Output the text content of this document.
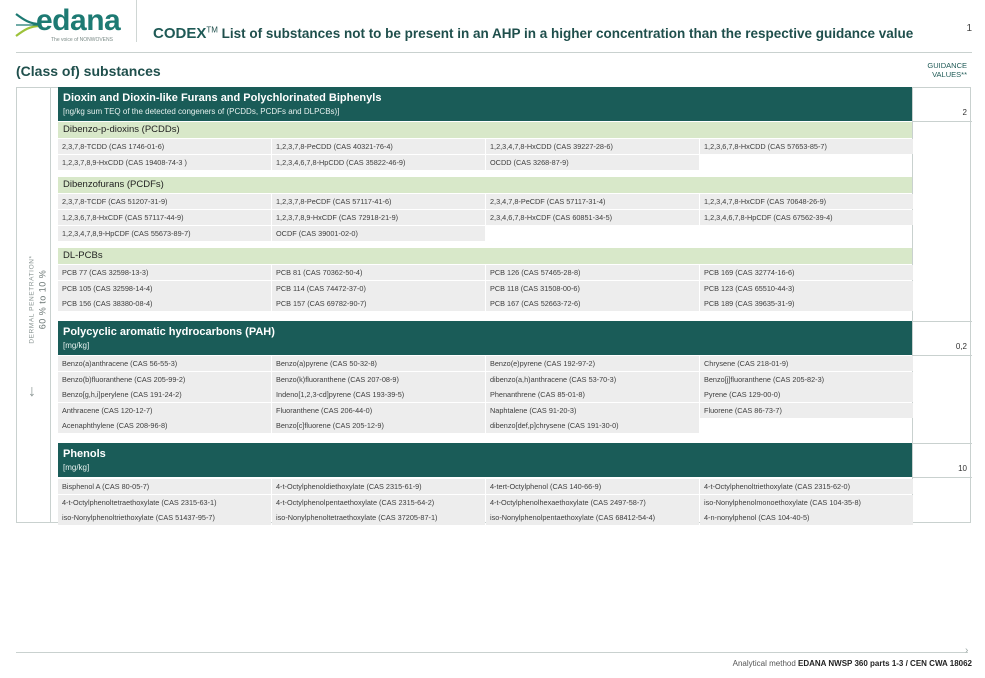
edana
The voice of NONWOVENS	CODEX™ List of substances not to be present in an AHP in a higher concentration than the respective guidance value	1
(Class of) substances	GUIDANCE
VALUES**
DERMAL PENETRATION* 60 % to 10 %
↓
Dioxin and Dioxin-like Furans and Polychlorinated Biphenyls
[ng/kg sum TEQ of the detected congeners of (PCDDs, PCDFs and DLPCBs)]	2
Dibenzo-p-dioxins (PCDDs)
2,3,7,8-TCDD (CAS 1746-01-6)	1,2,3,7,8-PeCDD (CAS 40321-76-4)	1,2,3,4,7,8-HxCDD (CAS 39227-28-6)	1,2,3,6,7,8-HxCDD (CAS 57653-85-7)
1,2,3,7,8,9-HxCDD (CAS 19408-74-3 )	1,2,3,4,6,7,8-HpCDD (CAS 35822-46-9)	OCDD (CAS 3268-87-9)
Dibenzofurans (PCDFs)
2,3,7,8-TCDF (CAS 51207-31-9)	1,2,3,7,8-PeCDF (CAS 57117-41-6)	2,3,4,7,8-PeCDF (CAS 57117-31-4)	1,2,3,4,7,8-HxCDF (CAS 70648-26-9)
1,2,3,6,7,8-HxCDF (CAS 57117-44-9)	1,2,3,7,8,9-HxCDF (CAS 72918-21-9)	2,3,4,6,7,8-HxCDF (CAS 60851-34-5)	1,2,3,4,6,7,8-HpCDF (CAS 67562-39-4)
1,2,3,4,7,8,9-HpCDF (CAS 55673-89-7)	OCDF (CAS 39001-02-0)
DL-PCBs
PCB 77 (CAS 32598-13-3)	PCB 81 (CAS 70362-50-4)	PCB 126 (CAS 57465-28-8)	PCB 169 (CAS 32774-16-6)
PCB 105 (CAS 32598-14-4)	PCB 114 (CAS 74472-37-0)	PCB 118 (CAS 31508-00-6)	PCB 123 (CAS 65510-44-3)
PCB 156 (CAS 38380-08-4)	PCB 157 (CAS 69782-90-7)	PCB 167 (CAS 52663-72-6)	PCB 189 (CAS 39635-31-9)
Polycyclic aromatic hydrocarbons (PAH)
[mg/kg]	0,2
Benzo(a)anthracene (CAS 56-55-3)	Benzo(a)pyrene (CAS 50-32-8)	Benzo(e)pyrene (CAS 192-97-2)	Chrysene (CAS 218-01-9)
Benzo(b)fluoranthene (CAS 205-99-2)	Benzo(k)fluoranthene (CAS 207-08-9)	dibenzo(a,h)anthracene (CAS 53-70-3)	Benzo[j]fluoranthene (CAS 205-82-3)
Benzo[g,h,i]perylene (CAS 191-24-2)	Indeno[1,2,3-cd]pyrene (CAS 193-39-5)	Phenanthrene (CAS 85-01-8)	Pyrene (CAS 129-00-0)
Anthracene (CAS 120-12-7)	Fluoranthene (CAS 206-44-0)	Naphtalene (CAS 91-20-3)	Fluorene (CAS 86-73-7)
Acenaphthylene (CAS 208-96-8)	Benzo[c]fluorene (CAS 205-12-9)	dibenzo[def,p]chrysene (CAS 191-30-0)
Phenols
[mg/kg]	10
Bisphenol A (CAS 80-05-7)	4-t-Octylphenoldiethoxylate (CAS 2315-61-9)	4-tert-Octylphenol (CAS 140-66-9)	4-t-Octylphenoltriethoxylate (CAS 2315-62-0)
4-t-Octylphenoltetraethoxylate (CAS 2315-63-1)	4-t-Octylphenolpentaethoxylate (CAS 2315-64-2)	4-t-Octylphenolhexaethoxylate (CAS 2497-58-7)	iso-Nonylphenolmonoethoxylate (CAS 104-35-8)
iso-Nonylphenoltriethoxylate (CAS 51437-95-7)	iso-Nonylphenoltetraethoxylate (CAS 37205-87-1)	iso-Nonylphenolpentaethoxylate (CAS 68412-54-4)	4-n-nonylphenol (CAS 104-40-5)
›
Analytical method EDANA NWSP 360 parts 1-3 / CEN CWA 18062
